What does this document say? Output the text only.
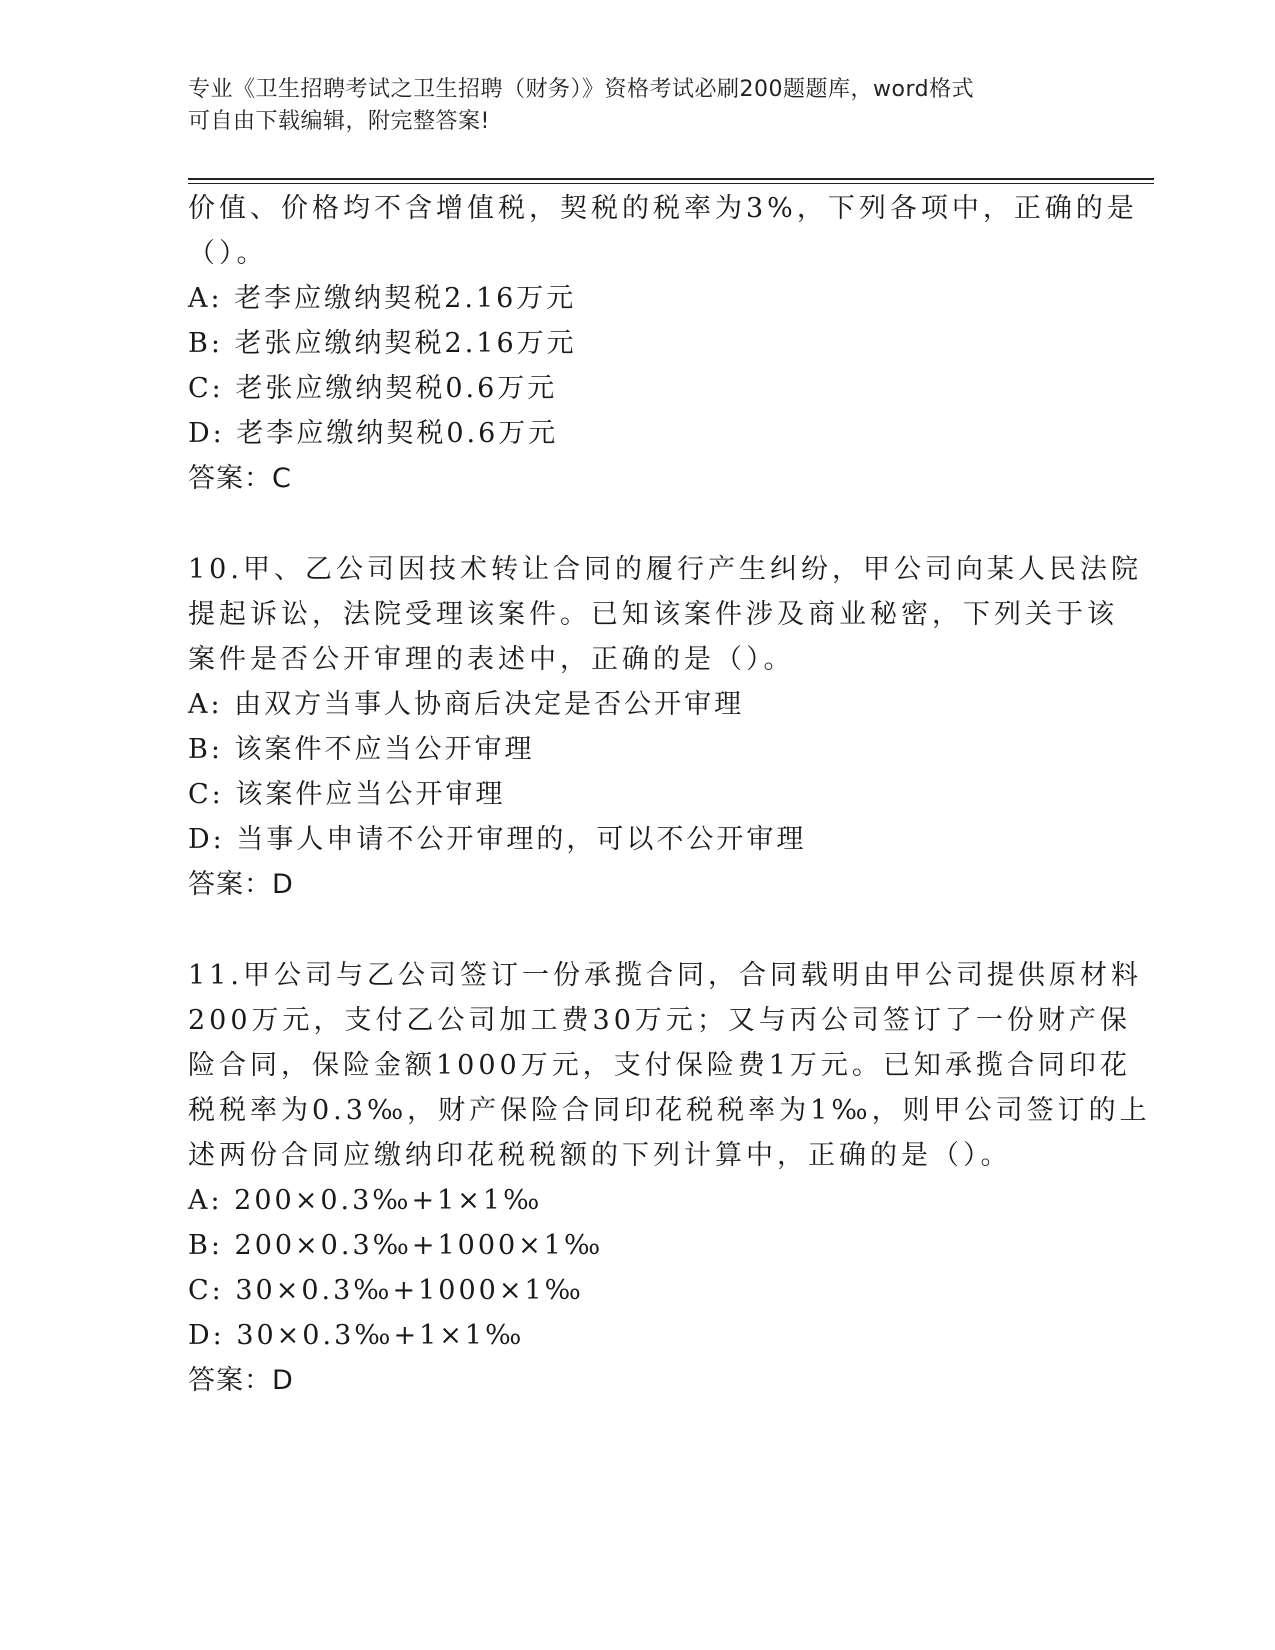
专业《卫生招聘考试之卫生招聘（财务）》资格考试必刷200题题库，word格式
可自由下载编辑，附完整答案!
价值、价格均不含增值税，契税的税率为3%，下列各项中，正确的是
（）。
A: 老李应缴纳契税2.16万元
B: 老张应缴纳契税2.16万元
C: 老张应缴纳契税0.6万元
D: 老李应缴纳契税0.6万元
答案：C
10.甲、乙公司因技术转让合同的履行产生纠纷，甲公司向某人民法院
提起诉讼，法院受理该案件。已知该案件涉及商业秘密，下列关于该
案件是否公开审理的表述中，正确的是（）。
A: 由双方当事人协商后决定是否公开审理
B: 该案件不应当公开审理
C: 该案件应当公开审理
D: 当事人申请不公开审理的，可以不公开审理
答案：D
11.甲公司与乙公司签订一份承揽合同，合同载明由甲公司提供原材料
200万元，支付乙公司加工费30万元；又与丙公司签订了一份财产保
险合同，保险金额1000万元，支付保险费1万元。已知承揽合同印花
税税率为0.3‰，财产保险合同印花税税率为1‰，则甲公司签订的上
述两份合同应缴纳印花税税额的下列计算中，正确的是（）。
A: 200×0.3‰+1×1‰
B: 200×0.3‰+1000×1‰
C: 30×0.3‰+1000×1‰
D: 30×0.3‰+1×1‰
答案：D
